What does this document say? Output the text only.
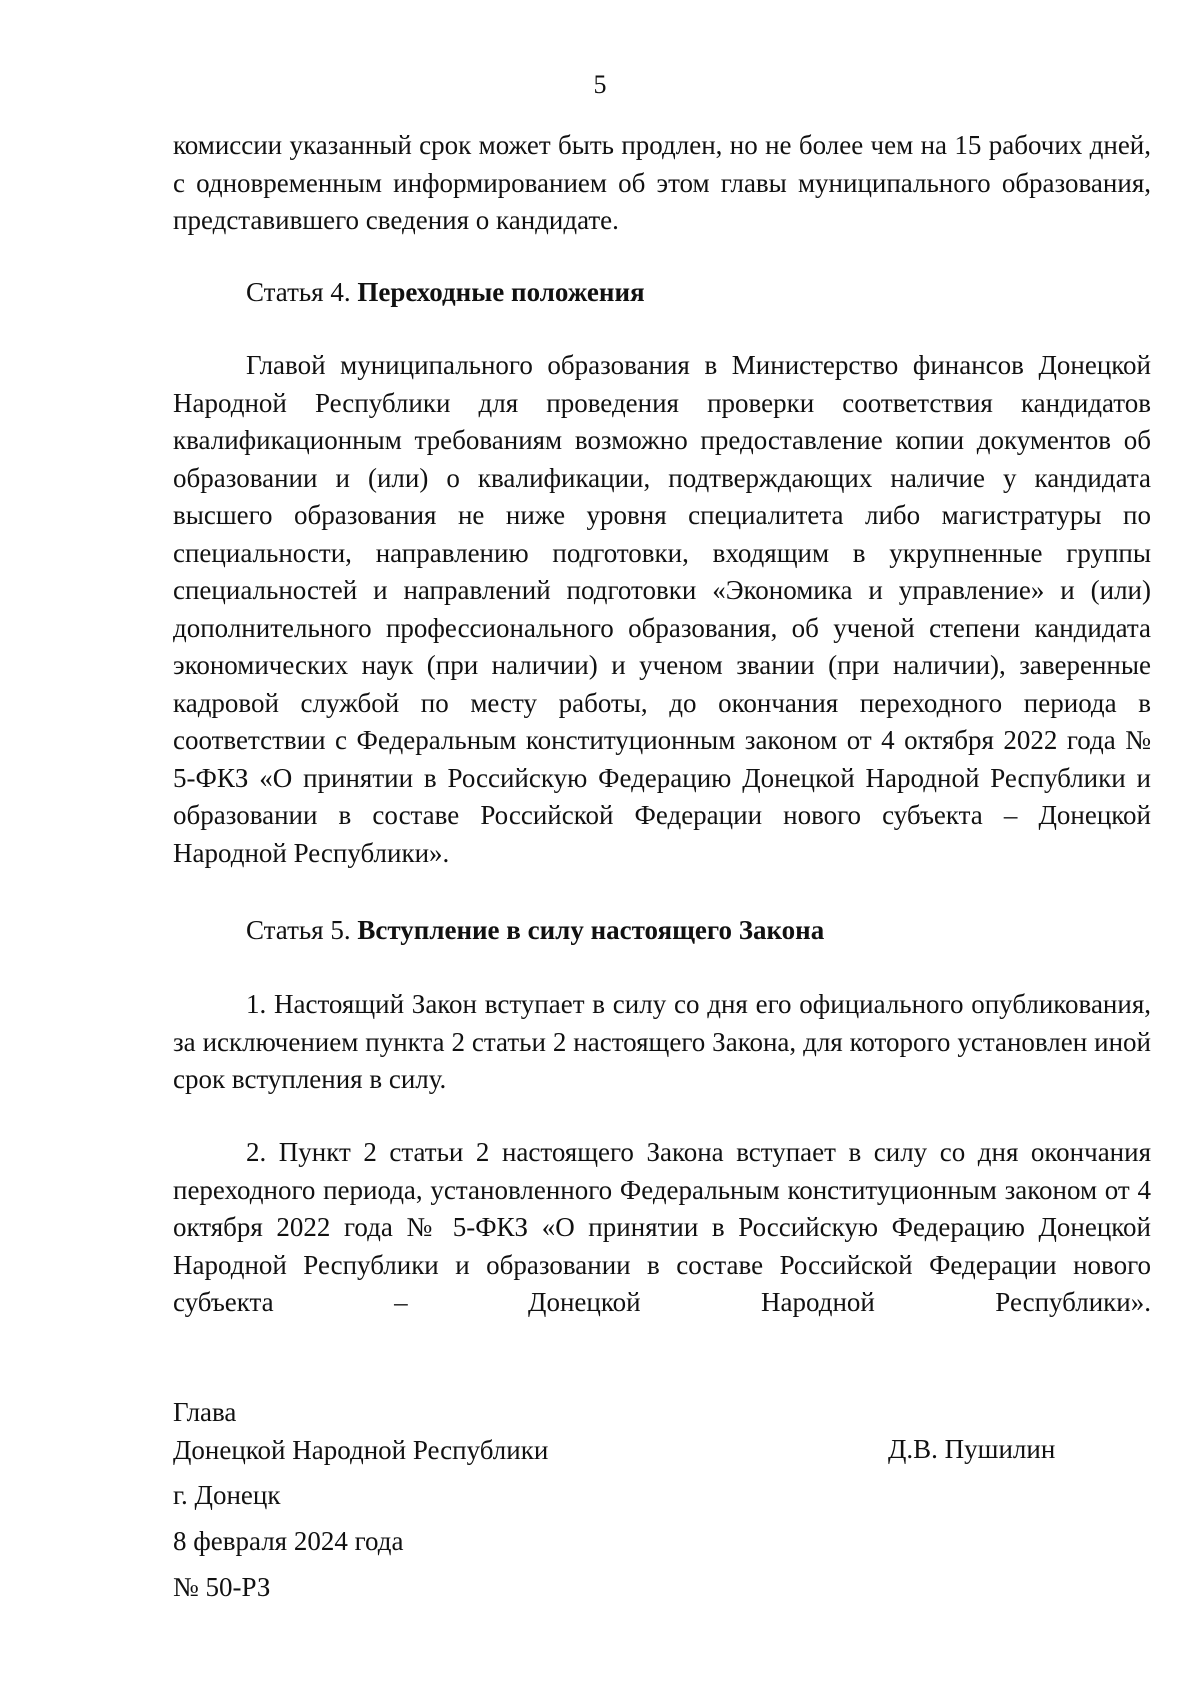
5

комиссии указанный срок может быть продлен, но не более чем на 15 рабочих дней, с одновременным информированием об этом главы муниципального образования, представившего сведения о кандидате.

Статья 4. Переходные положения

Главой муниципального образования в Министерство финансов Донецкой Народной Республики для проведения проверки соответствия кандидатов квалификационным требованиям возможно предоставление копии документов об образовании и (или) о квалификации, подтверждающих наличие у кандидата высшего образования не ниже уровня специалитета либо магистратуры по специальности, направлению подготовки, входящим в укрупненные группы специальностей и направлений подготовки «Экономика и управление» и (или) дополнительного профессионального образования, об ученой степени кандидата экономических наук (при наличии) и ученом звании (при наличии), заверенные кадровой службой по месту работы, до окончания переходного периода в соответствии с Федеральным конституционным законом от 4 октября 2022 года № 5-ФКЗ «О принятии в Российскую Федерацию Донецкой Народной Республики и образовании в составе Российской Федерации нового субъекта – Донецкой Народной Республики».

Статья 5. Вступление в силу настоящего Закона

1. Настоящий Закон вступает в силу со дня его официального опубликования, за исключением пункта 2 статьи 2 настоящего Закона, для которого установлен иной срок вступления в силу.

2. Пункт 2 статьи 2 настоящего Закона вступает в силу со дня окончания переходного периода, установленного Федеральным конституционным законом от 4 октября 2022 года № 5-ФКЗ «О принятии в Российскую Федерацию Донецкой Народной Республики и образовании в составе Российской Федерации нового субъекта – Донецкой Народной Республики».

Глава

Донецкой Народной Республики	Д.В. Пушилин
г. Донецк
8 февраля 2024 года
№ 50-РЗ
